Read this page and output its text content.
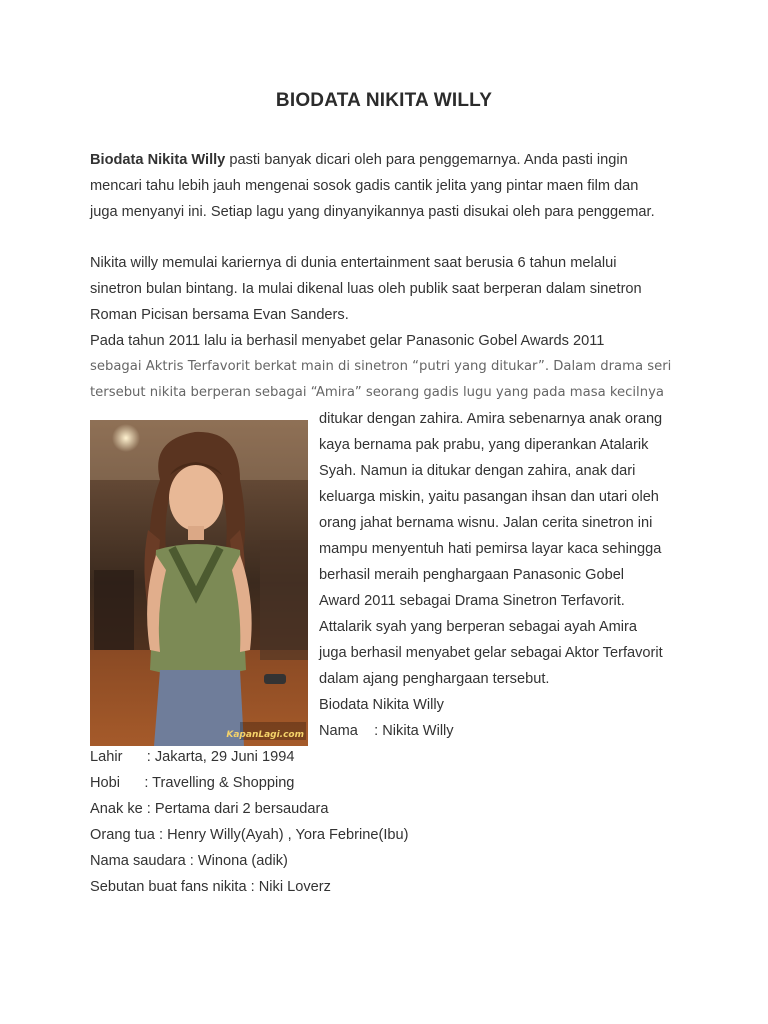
BIODATA NIKITA WILLY
Biodata Nikita Willy pasti banyak dicari oleh para penggemarnya. Anda pasti ingin
mencari tahu lebih jauh mengenai sosok gadis cantik jelita yang pintar maen film dan
juga menyanyi ini. Setiap lagu yang dinyanyikannya pasti disukai oleh para penggemar.
Nikita willy memulai kariernya di dunia entertainment saat berusia 6 tahun melalui
sinetron bulan bintang. Ia mulai dikenal luas oleh publik saat berperan dalam sinetron
Roman Picisan bersama Evan Sanders.
Pada tahun 2011 lalu ia berhasil menyabet gelar Panasonic Gobel Awards 2011
sebagai Aktris Terfavorit berkat main di sinetron “putri yang ditukar”. Dalam drama seri
tersebut nikita berperan sebagai “Amira” seorang gadis lugu yang pada masa kecilnya
KapanLagi.com
ditukar dengan zahira. Amira sebenarnya anak orang
kaya bernama pak prabu, yang diperankan Atalarik
Syah. Namun ia ditukar dengan zahira, anak dari
keluarga miskin, yaitu pasangan ihsan dan utari oleh
orang jahat bernama wisnu. Jalan cerita sinetron ini
mampu menyentuh hati pemirsa layar kaca sehingga
berhasil meraih penghargaan Panasonic Gobel
Award 2011 sebagai Drama Sinetron Terfavorit.
Attalarik syah yang berperan sebagai ayah Amira
juga berhasil menyabet gelar sebagai Aktor Terfavorit
dalam ajang penghargaan tersebut.
Biodata Nikita Willy
Nama    : Nikita Willy
Lahir      : Jakarta, 29 Juni 1994
Hobi      : Travelling & Shopping
Anak ke : Pertama dari 2 bersaudara
Orang tua : Henry Willy(Ayah) , Yora Febrine(Ibu)
Nama saudara : Winona (adik)
Sebutan buat fans nikita : Niki Loverz
